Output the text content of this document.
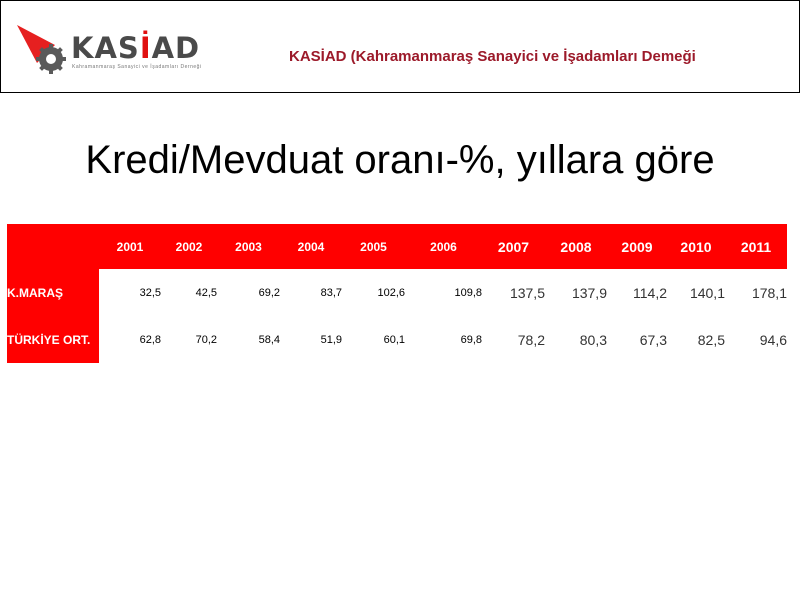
KASİAD
Kahramanmaraş Sanayici ve İşadamları Derneği
KASİAD (Kahramanmaraş Sanayici ve İşadamları Demeği
Kredi/Mevduat oranı-%, yıllara göre
	2001	2002	2003	2004	2005	2006	2007	2008	2009	2010	2011
K.MARAŞ	32,5	42,5	69,2	83,7	102,6	109,8	137,5	137,9	114,2	140,1	178,1
TÜRKİYE ORT.	62,8	70,2	58,4	51,9	60,1	69,8	78,2	80,3	67,3	82,5	94,6
